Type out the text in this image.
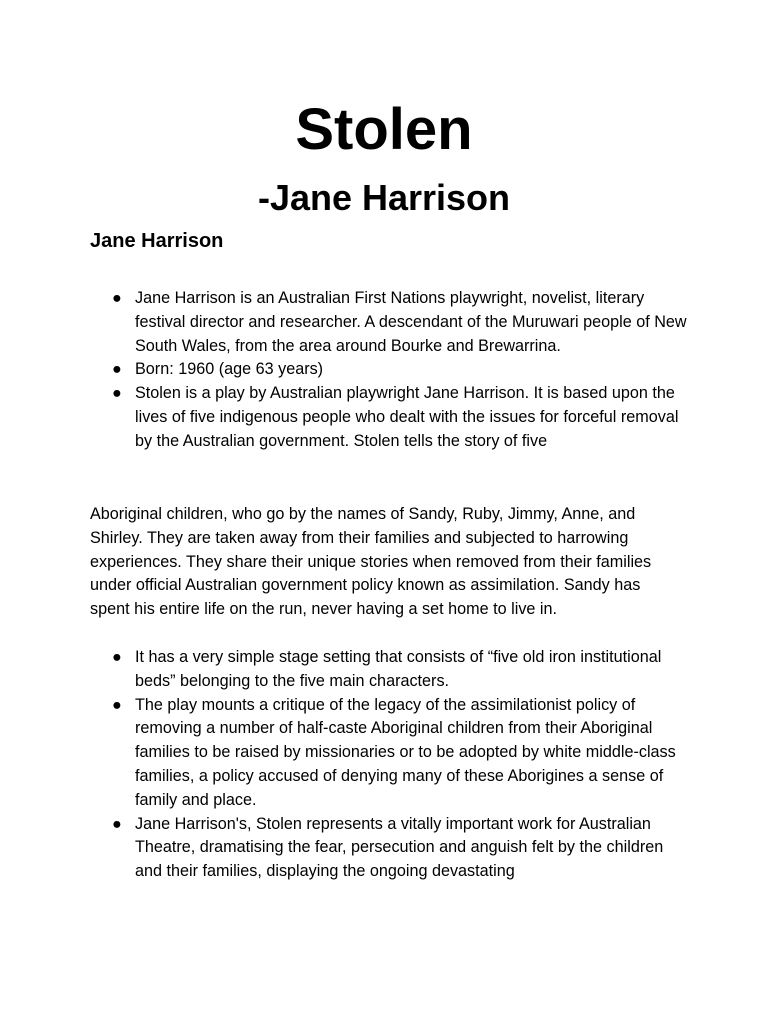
Stolen
-Jane Harrison
Jane Harrison
● Jane Harrison is an Australian First Nations playwright, novelist, literary festival director and researcher. A descendant of the Muruwari people of New South Wales, from the area around Bourke and Brewarrina.
● Born: 1960 (age 63 years)
● Stolen is a play by Australian playwright Jane Harrison. It is based upon the lives of five indigenous people who dealt with the issues for forceful removal by the Australian government. Stolen tells the story of five
Aboriginal children, who go by the names of Sandy, Ruby, Jimmy, Anne, and Shirley. They are taken away from their families and subjected to harrowing experiences. They share their unique stories when removed from their families under official Australian government policy known as assimilation. Sandy has spent his entire life on the run, never having a set home to live in.
● It has a very simple stage setting that consists of “five old iron institutional beds” belonging to the five main characters.
● The play mounts a critique of the legacy of the assimilationist policy of removing a number of half-caste Aboriginal children from their Aboriginal families to be raised by missionaries or to be adopted by white middle-class families, a policy accused of denying many of these Aborigines a sense of family and place.
● Jane Harrison's, Stolen represents a vitally important work for Australian Theatre, dramatising the fear, persecution and anguish felt by the children and their families, displaying the ongoing devastating
